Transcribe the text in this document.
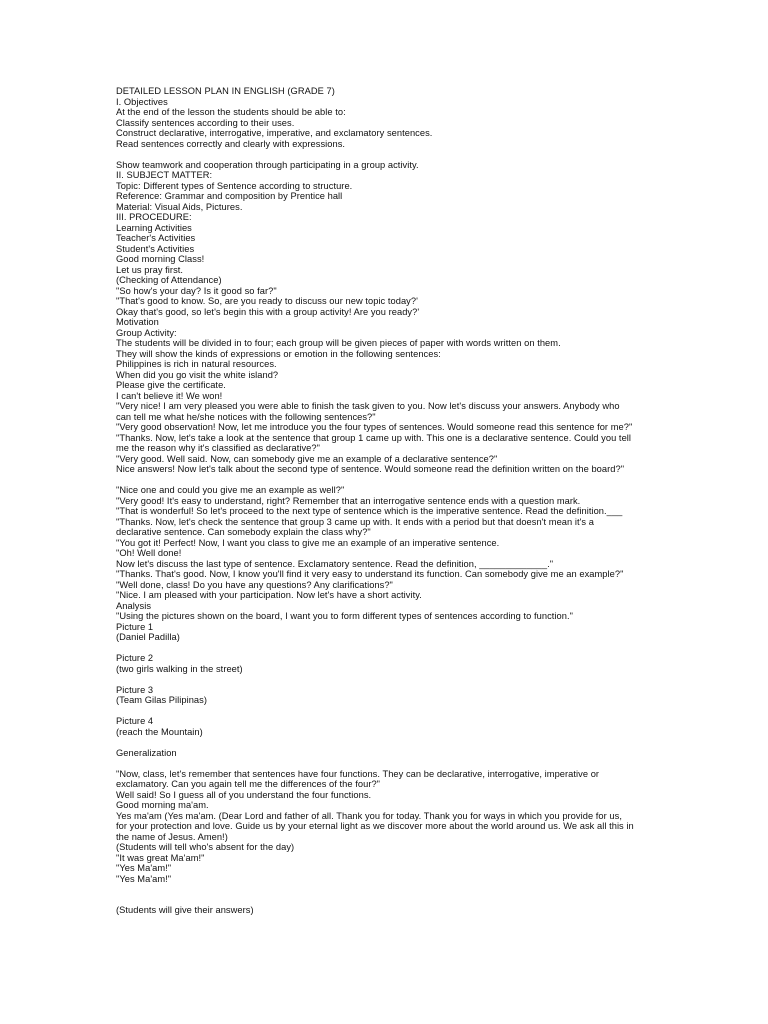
DETAILED LESSON PLAN IN ENGLISH (GRADE 7)
I. Objectives
At the end of the lesson the students should be able to:
Classify sentences according to their uses.
Construct declarative, interrogative, imperative, and exclamatory sentences.
Read sentences correctly and clearly with expressions.
Show teamwork and cooperation through participating in a group activity.
II. SUBJECT MATTER:
Topic: Different types of Sentence according to structure.
Reference: Grammar and composition by Prentice hall
Material: Visual Aids, Pictures.
III. PROCEDURE:
Learning Activities
Teacher's Activities
Student's Activities
Good morning Class!
Let us pray first.
(Checking of Attendance)
"So how's your day? Is it good so far?"
"That's good to know. So, are you ready to discuss our new topic today?'
Okay that's good, so let's begin this with a group activity! Are you ready?'
Motivation
Group Activity:
The students will be divided in to four; each group will be given pieces of paper with words written on them.
They will show the kinds of expressions or emotion in the following sentences:
Philippines is rich in natural resources.
When did you go visit the white island?
Please give the certificate.
I can't believe it! We won!
"Very nice! I am very pleased you were able to finish the task given to you. Now let's discuss your answers. Anybody who
can tell me what he/she notices with the following sentences?"
"Very good observation! Now, let me introduce you the four types of sentences. Would someone read this sentence for me?"
"Thanks. Now, let's take a look at the sentence that group 1 came up with. This one is a declarative sentence. Could you tell
me the reason why it's classified as declarative?"
"Very good. Well said. Now, can somebody give me an example of a declarative sentence?"
Nice answers! Now let's talk about the second type of sentence. Would someone read the definition written on the board?"
"Nice one and could you give me an example as well?"
"Very good! It's easy to understand, right? Remember that an interrogative sentence ends with a question mark.
"That is wonderful! So let's proceed to the next type of sentence which is the imperative sentence. Read the definition.___
"Thanks. Now, let's check the sentence that group 3 came up with. It ends with a period but that doesn't mean it's a
declarative sentence. Can somebody explain the class why?"
"You got it! Perfect! Now, I want you class to give me an example of an imperative sentence.
"Oh! Well done!
Now let's discuss the last type of sentence. Exclamatory sentence. Read the definition, _____________."
"Thanks. That's good. Now, I know you'll find it very easy to understand its function. Can somebody give me an example?"
"Well done, class! Do you have any questions? Any clarifications?"
"Nice. I am pleased with your participation. Now let's have a short activity.
Analysis
"Using the pictures shown on the board, I want you to form different types of sentences according to function."
Picture 1
(Daniel Padilla)
Picture 2
(two girls walking in the street)
Picture 3
(Team Gilas Pilipinas)
Picture 4
(reach the Mountain)
Generalization
"Now, class, let's remember that sentences have four functions. They can be declarative, interrogative, imperative or
exclamatory. Can you again tell me the differences of the four?"
Well said! So I guess all of you understand the four functions.
Good morning ma'am.
Yes ma'am (Yes ma'am. (Dear Lord and father of all. Thank you for today. Thank you for ways in which you provide for us,
for your protection and love. Guide us by your eternal light as we discover more about the world around us. We ask all this in
the name of Jesus. Amen!)
(Students will tell who's absent for the day)
"It was great Ma'am!"
"Yes Ma'am!"
"Yes Ma'am!"
(Students will give their answers)
